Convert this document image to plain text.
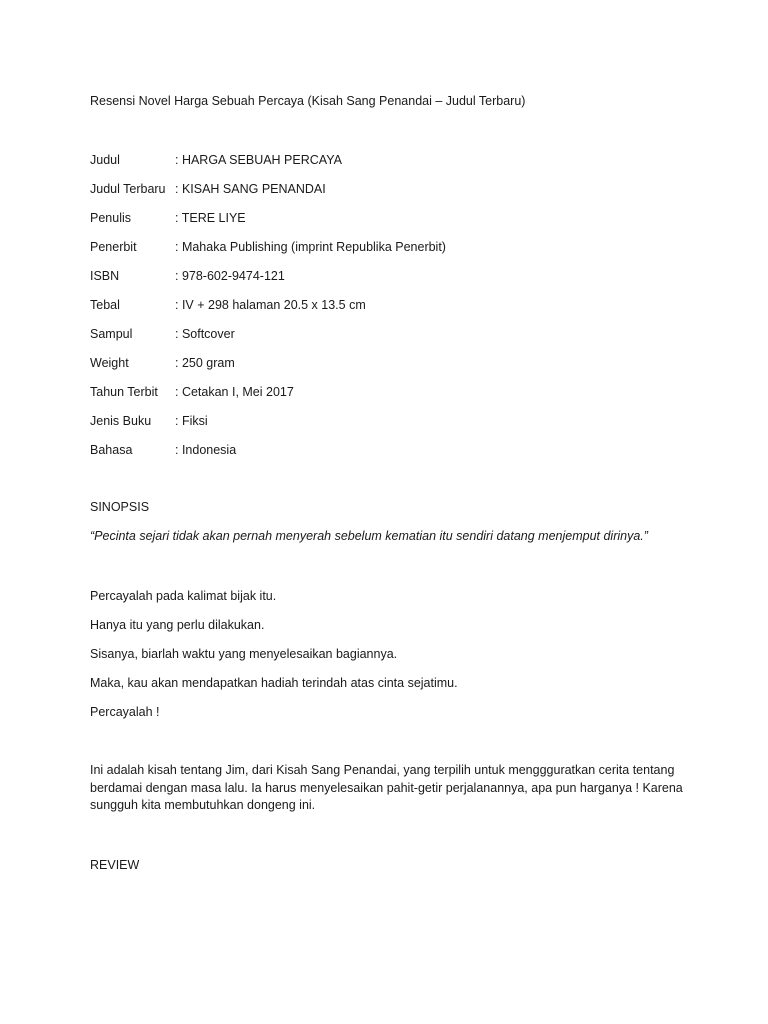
Resensi Novel Harga Sebuah Percaya (Kisah Sang Penandai – Judul Terbaru)
Judul	: HARGA SEBUAH PERCAYA
Judul Terbaru : KISAH SANG PENANDAI
Penulis	: TERE LIYE
Penerbit	: Mahaka Publishing (imprint Republika Penerbit)
ISBN	: 978-602-9474-121
Tebal	: IV + 298 halaman 20.5 x 13.5 cm
Sampul	: Softcover
Weight	: 250 gram
Tahun Terbit : Cetakan I, Mei 2017
Jenis Buku : Fiksi
Bahasa	: Indonesia
SINOPSIS
“Pecinta sejari tidak akan pernah menyerah sebelum kematian itu sendiri datang menjemput dirinya.”
Percayalah pada kalimat bijak itu.
Hanya itu yang perlu dilakukan.
Sisanya, biarlah waktu yang menyelesaikan bagiannya.
Maka, kau akan mendapatkan hadiah terindah atas cinta sejatimu.
Percayalah !
Ini adalah kisah tentang Jim, dari Kisah Sang Penandai, yang terpilih untuk menggguratkan cerita tentang berdamai dengan masa lalu. Ia harus menyelesaikan pahit-getir perjalanannya, apa pun harganya ! Karena sungguh kita membutuhkan dongeng ini.
REVIEW
